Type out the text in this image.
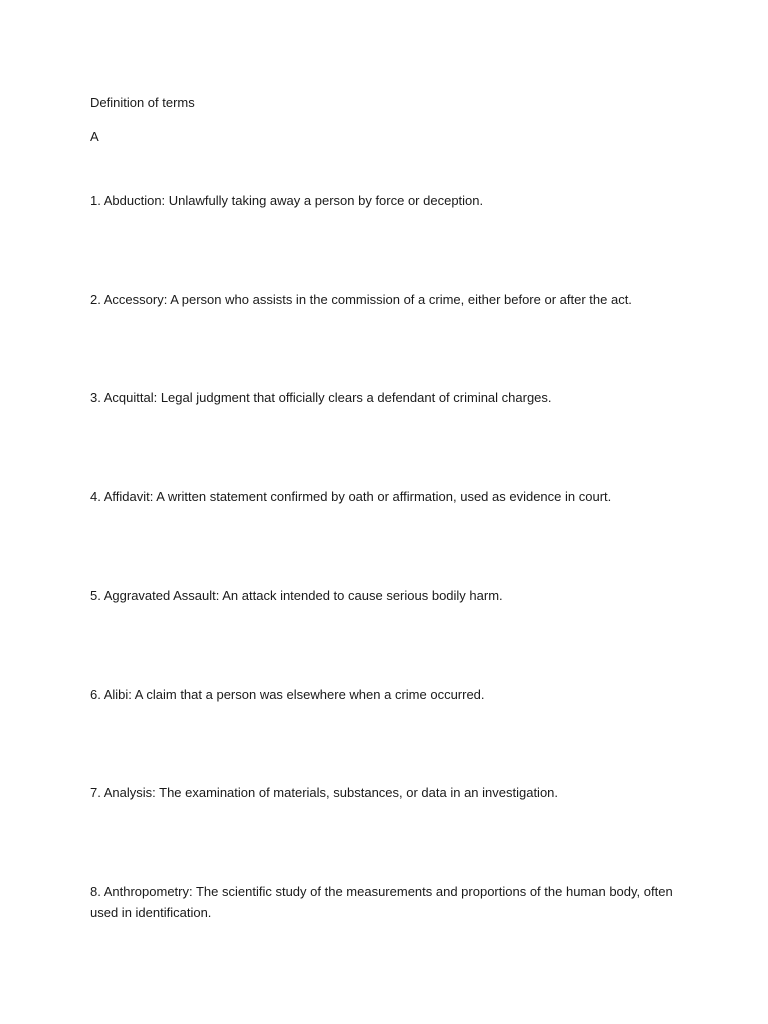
Definition of terms
A
1. Abduction: Unlawfully taking away a person by force or deception.
2. Accessory: A person who assists in the commission of a crime, either before or after the act.
3. Acquittal: Legal judgment that officially clears a defendant of criminal charges.
4. Affidavit: A written statement confirmed by oath or affirmation, used as evidence in court.
5. Aggravated Assault: An attack intended to cause serious bodily harm.
6. Alibi: A claim that a person was elsewhere when a crime occurred.
7. Analysis: The examination of materials, substances, or data in an investigation.
8. Anthropometry: The scientific study of the measurements and proportions of the human body, often used in identification.
